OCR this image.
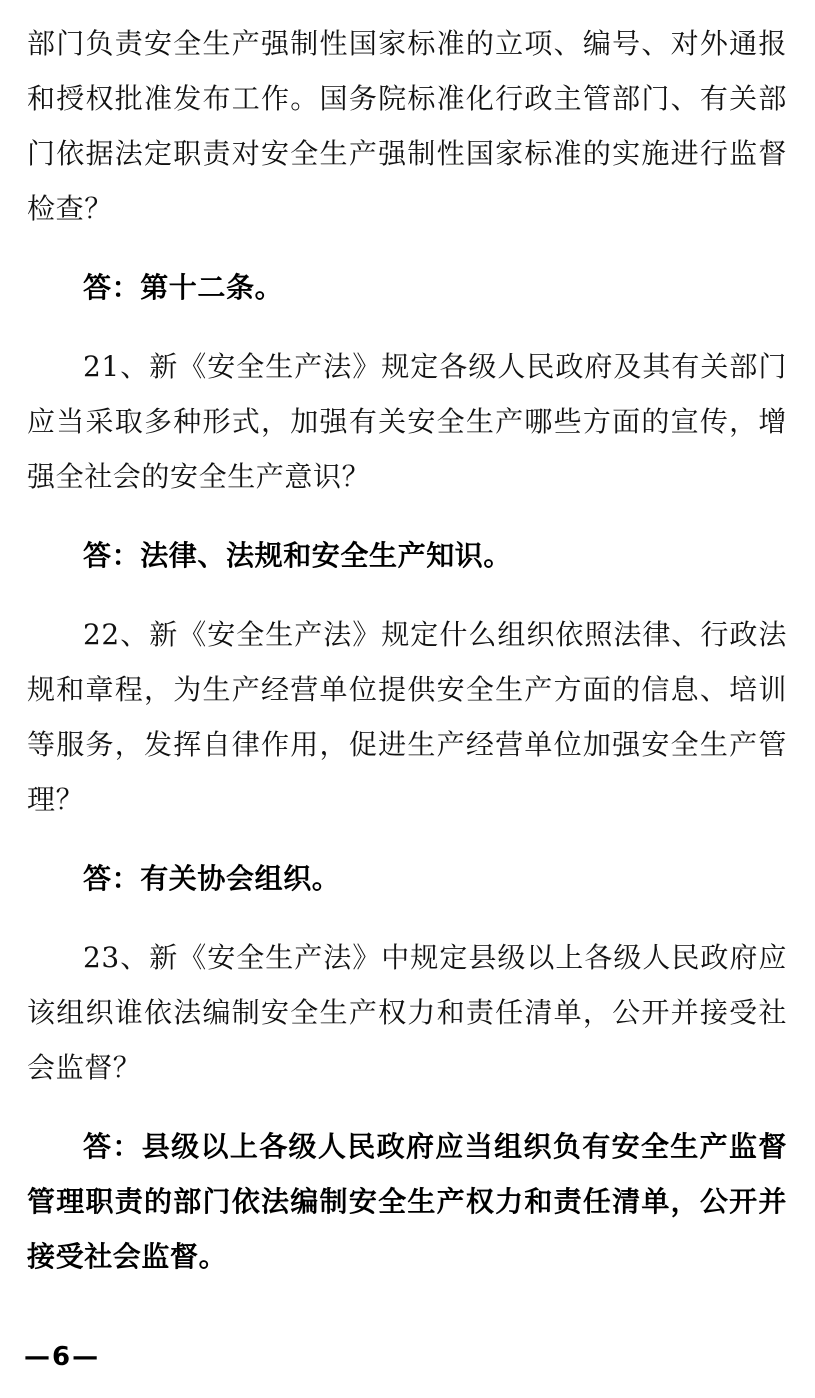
部门负责安全生产强制性国家标准的立项、编号、对外通报和授权批准发布工作。国务院标准化行政主管部门、有关部门依据法定职责对安全生产强制性国家标准的实施进行监督检查？

答：第十二条。

21、新《安全生产法》规定各级人民政府及其有关部门应当采取多种形式，加强有关安全生产哪些方面的宣传，增强全社会的安全生产意识？

答：法律、法规和安全生产知识。

22、新《安全生产法》规定什么组织依照法律、行政法规和章程，为生产经营单位提供安全生产方面的信息、培训等服务，发挥自律作用，促进生产经营单位加强安全生产管理？

答：有关协会组织。

23、新《安全生产法》中规定县级以上各级人民政府应该组织谁依法编制安全生产权力和责任清单，公开并接受社会监督？

答：县级以上各级人民政府应当组织负有安全生产监督管理职责的部门依法编制安全生产权力和责任清单，公开并接受社会监督。

—6—
